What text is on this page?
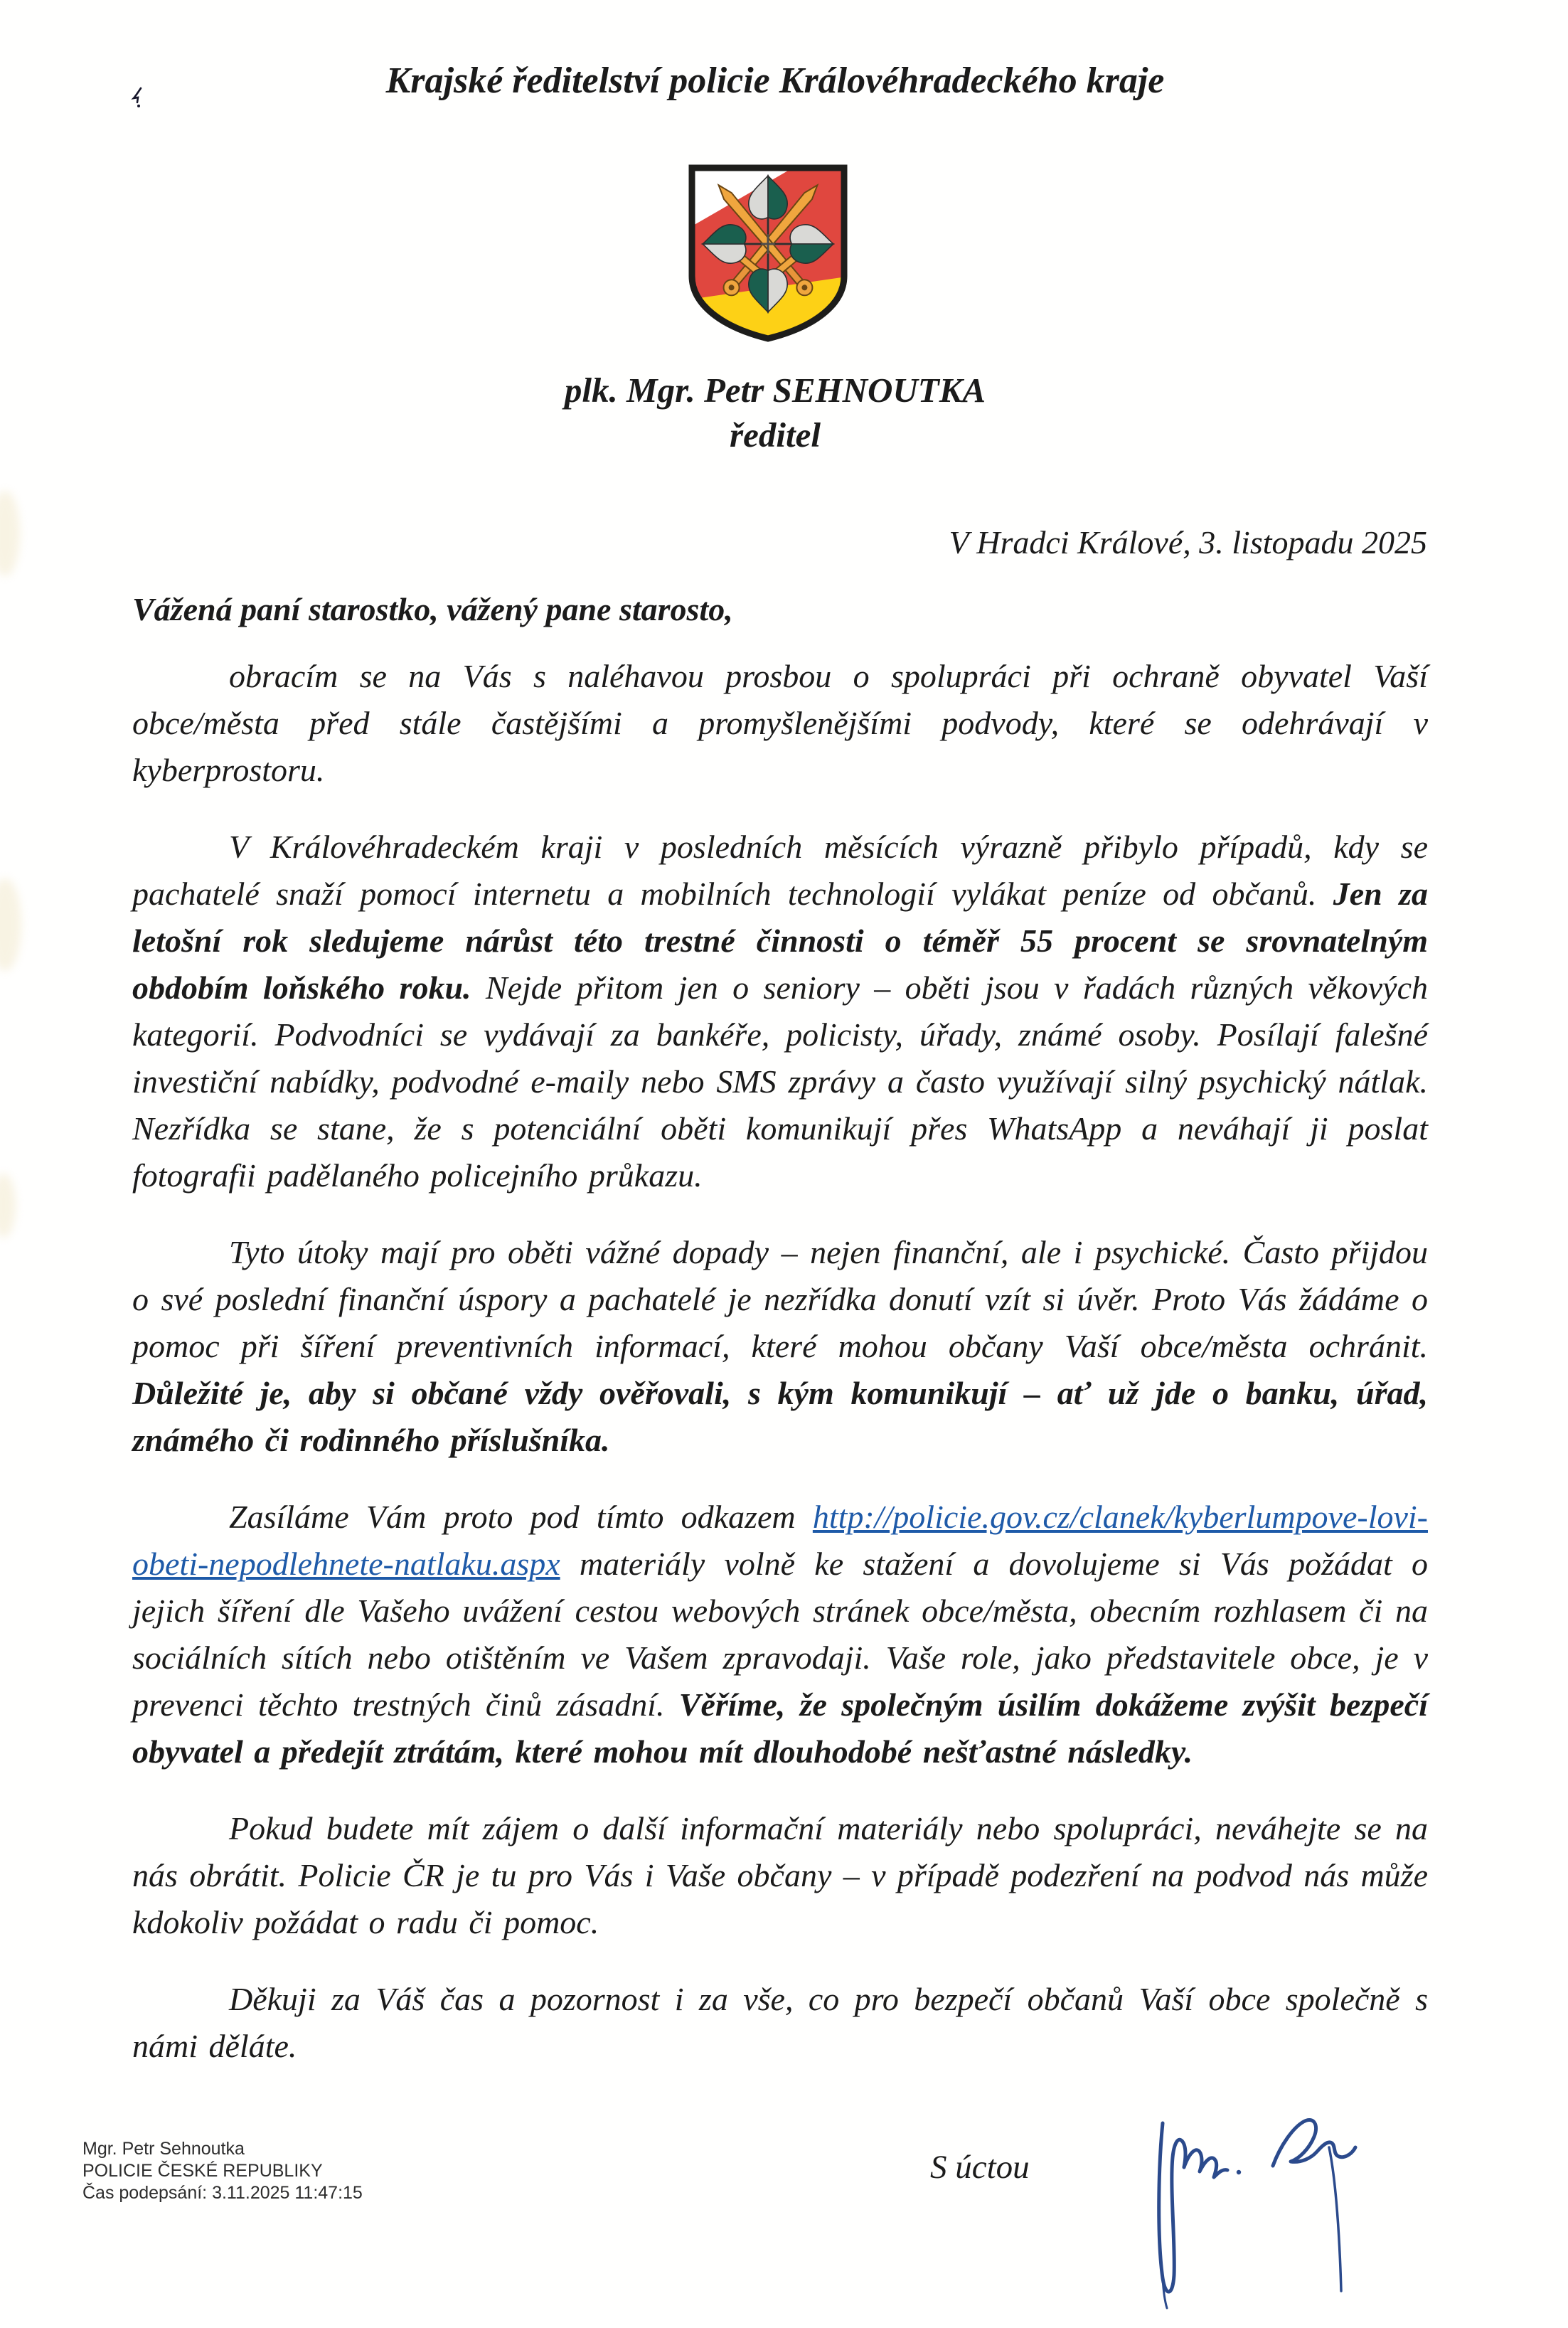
Krajské ředitelství policie Královéhradeckého kraje
plk. Mgr. Petr SEHNOUTKA
ředitel
V Hradci Králové, 3. listopadu 2025
Vážená paní starostko, vážený pane starosto,

obracím se na Vás s naléhavou prosbou o spolupráci při ochraně obyvatel Vaší obce/města před stále častějšími a promyšlenějšími podvody, které se odehrávají v kyberprostoru.

V Královéhradeckém kraji v posledních měsících výrazně přibylo případů, kdy se pachatelé snaží pomocí internetu a mobilních technologií vylákat peníze od občanů. Jen za letošní rok sledujeme nárůst této trestné činnosti o téměř 55 procent se srovnatelným obdobím loňského roku. Nejde přitom jen o seniory – oběti jsou v řadách různých věkových kategorií. Podvodníci se vydávají za bankéře, policisty, úřady, známé osoby. Posílají falešné investiční nabídky, podvodné e-maily nebo SMS zprávy a často využívají silný psychický nátlak. Nezřídka se stane, že s potenciální oběti komunikují přes WhatsApp a neváhají ji poslat fotografii padělaného policejního průkazu.

Tyto útoky mají pro oběti vážné dopady – nejen finanční, ale i psychické. Často přijdou o své poslední finanční úspory a pachatelé je nezřídka donutí vzít si úvěr. Proto Vás žádáme o pomoc při šíření preventivních informací, které mohou občany Vaší obce/města ochránit. Důležité je, aby si občané vždy ověřovali, s kým komunikují – ať už jde o banku, úřad, známého či rodinného příslušníka.

Zasíláme Vám proto pod tímto odkazem http://policie.gov.cz/clanek/kyberlumpove-lovi-obeti-nepodlehnete-natlaku.aspx materiály volně ke stažení a dovolujeme si Vás požádat o jejich šíření dle Vašeho uvážení cestou webových stránek obce/města, obecním rozhlasem či na sociálních sítích nebo otištěním ve Vašem zpravodaji. Vaše role, jako představitele obce, je v prevenci těchto trestných činů zásadní. Věříme, že společným úsilím dokážeme zvýšit bezpečí obyvatel a předejít ztrátám, které mohou mít dlouhodobé nešťastné následky.

Pokud budete mít zájem o další informační materiály nebo spolupráci, neváhejte se na nás obrátit. Policie ČR je tu pro Vás i Vaše občany – v případě podezření na podvod nás může kdokoliv požádat o radu či pomoc.

Děkuji za Váš čas a pozornost i za vše, co pro bezpečí občanů Vaší obce společně s námi děláte.

S úctou
Mgr. Petr Sehnoutka
POLICIE ČESKÉ REPUBLIKY
Čas podepsání: 3.11.2025 11:47:15
